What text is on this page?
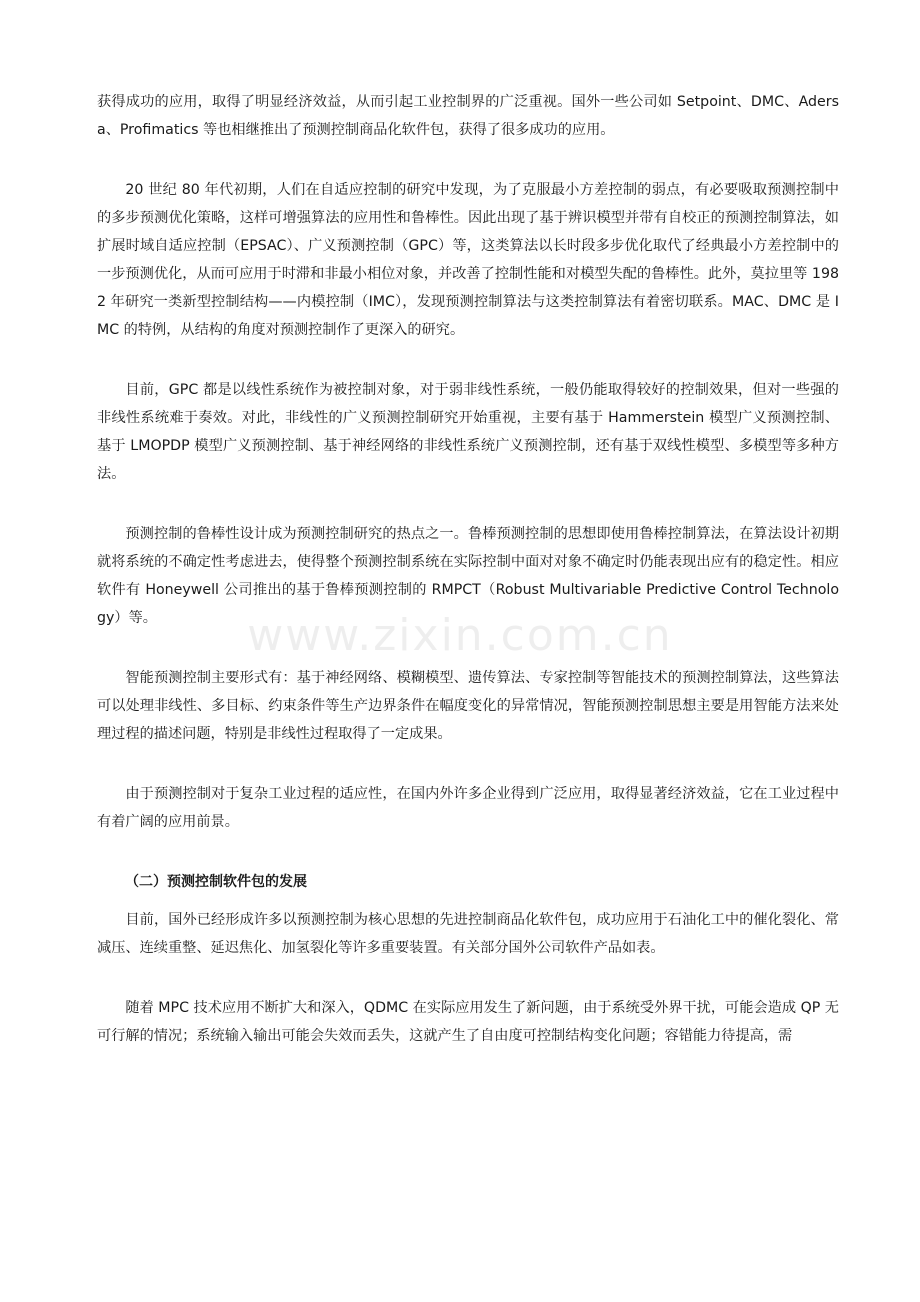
www.zixin.com.cn

获得成功的应用，取得了明显经济效益，从而引起工业控制界的广泛重视。国外一些公司如 Setpoint、DMC、Adersa、Profimatics 等也相继推出了预测控制商品化软件包，获得了很多成功的应用。

20 世纪 80 年代初期，人们在自适应控制的研究中发现，为了克服最小方差控制的弱点，有必要吸取预测控制中的多步预测优化策略，这样可增强算法的应用性和鲁棒性。因此出现了基于辨识模型并带有自校正的预测控制算法，如扩展时域自适应控制（EPSAC）、广义预测控制（GPC）等，这类算法以长时段多步优化取代了经典最小方差控制中的一步预测优化，从而可应用于时滞和非最小相位对象，并改善了控制性能和对模型失配的鲁棒性。此外，莫拉里等 1982 年研究一类新型控制结构——内模控制（IMC），发现预测控制算法与这类控制算法有着密切联系。MAC、DMC 是 IMC 的特例，从结构的角度对预测控制作了更深入的研究。

目前，GPC 都是以线性系统作为被控制对象，对于弱非线性系统，一般仍能取得较好的控制效果，但对一些强的非线性系统难于奏效。对此，非线性的广义预测控制研究开始重视，主要有基于 Hammerstein 模型广义预测控制、基于 LMOPDP 模型广义预测控制、基于神经网络的非线性系统广义预测控制，还有基于双线性模型、多模型等多种方法。

预测控制的鲁棒性设计成为预测控制研究的热点之一。鲁棒预测控制的思想即使用鲁棒控制算法，在算法设计初期就将系统的不确定性考虑进去，使得整个预测控制系统在实际控制中面对对象不确定时仍能表现出应有的稳定性。相应软件有 Honeywell 公司推出的基于鲁棒预测控制的 RMPCT（Robust Multivariable Predictive Control Technology）等。

智能预测控制主要形式有：基于神经网络、模糊模型、遗传算法、专家控制等智能技术的预测控制算法，这些算法可以处理非线性、多目标、约束条件等生产边界条件在幅度变化的异常情况，智能预测控制思想主要是用智能方法来处理过程的描述问题，特别是非线性过程取得了一定成果。

由于预测控制对于复杂工业过程的适应性，在国内外许多企业得到广泛应用，取得显著经济效益，它在工业过程中有着广阔的应用前景。

（二）预测控制软件包的发展

目前，国外已经形成许多以预测控制为核心思想的先进控制商品化软件包，成功应用于石油化工中的催化裂化、常减压、连续重整、延迟焦化、加氢裂化等许多重要装置。有关部分国外公司软件产品如表。

随着 MPC 技术应用不断扩大和深入，QDMC 在实际应用发生了新问题，由于系统受外界干扰，可能会造成 QP 无可行解的情况；系统输入输出可能会失效而丢失，这就产生了自由度可控制结构变化问题；容错能力待提高，需
